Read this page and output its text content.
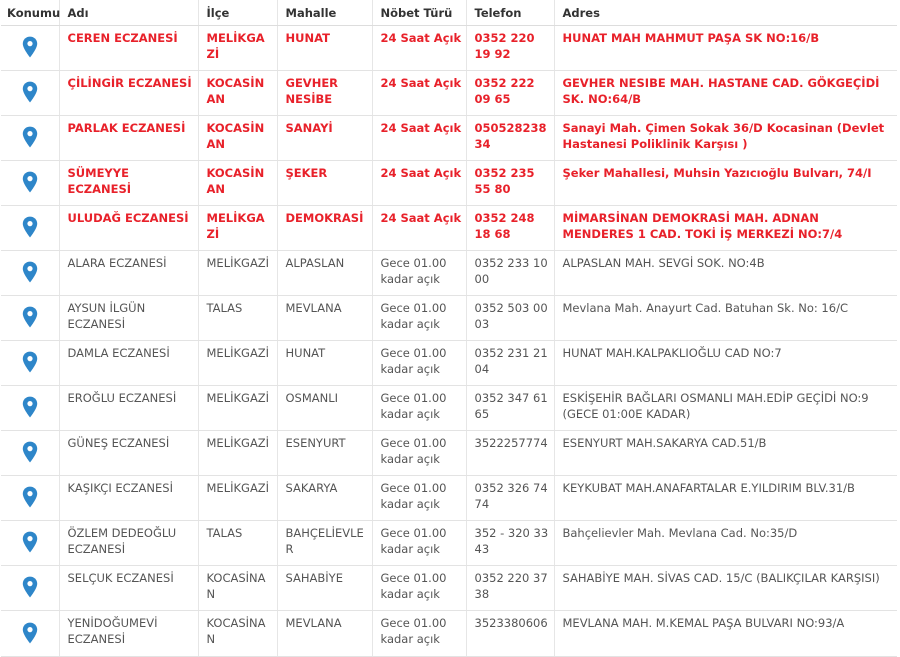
Konumu	Adı	İlçe	Mahalle	Nöbet Türü	Telefon	Adres
	CEREN ECZANESİ	MELİKGAZİ	HUNAT	24 Saat Açık	0352 220 19 92	HUNAT MAH MAHMUT PAŞA SK NO:16/B
	ÇİLİNGİR ECZANESİ	KOCASİNAN	GEVHER NESİBE	24 Saat Açık	0352 222 09 65	GEVHER NESIBE MAH. HASTANE CAD. GÖKGEÇİDİ SK. NO:64/B
	PARLAK ECZANESİ	KOCASİNAN	SANAYİ	24 Saat Açık	05052823834	Sanayi Mah. Çimen Sokak 36/D Kocasinan (Devlet Hastanesi Poliklinik Karşısı )
	SÜMEYYE ECZANESİ	KOCASİNAN	ŞEKER	24 Saat Açık	0352 235 55 80	Şeker Mahallesi, Muhsin Yazıcıoğlu Bulvarı, 74/I
	ULUDAĞ ECZANESİ	MELİKGAZİ	DEMOKRASİ	24 Saat Açık	0352 248 18 68	MİMARSİNAN DEMOKRASİ MAH. ADNAN MENDERES 1 CAD. TOKİ İŞ MERKEZİ NO:7/4
	ALARA ECZANESİ	MELİKGAZİ	ALPASLAN	Gece 01.00 kadar açık	0352 233 10 00	ALPASLAN MAH. SEVGİ SOK. NO:4B
	AYSUN İLGÜN ECZANESİ	TALAS	MEVLANA	Gece 01.00 kadar açık	0352 503 00 03	Mevlana Mah. Anayurt Cad. Batuhan Sk. No: 16/C
	DAMLA ECZANESİ	MELİKGAZİ	HUNAT	Gece 01.00 kadar açık	0352 231 21 04	HUNAT MAH.KALPAKLIOĞLU CAD NO:7
	EROĞLU ECZANESİ	MELİKGAZİ	OSMANLI	Gece 01.00 kadar açık	0352 347 61 65	ESKİŞEHİR BAĞLARI OSMANLI MAH.EDİP GEÇİDİ NO:9 (GECE 01:00E KADAR)
	GÜNEŞ ECZANESİ	MELİKGAZİ	ESENYURT	Gece 01.00 kadar açık	3522257774	ESENYURT MAH.SAKARYA CAD.51/B
	KAŞIKÇI ECZANESİ	MELİKGAZİ	SAKARYA	Gece 01.00 kadar açık	0352 326 74 74	KEYKUBAT MAH.ANAFARTALAR E.YILDIRIM BLV.31/B
	ÖZLEM DEDEOĞLU ECZANESİ	TALAS	BAHÇELİEVLER	Gece 01.00 kadar açık	352 - 320 33 43	Bahçelievler Mah. Mevlana Cad. No:35/D
	SELÇUK ECZANESİ	KOCASİNAN	SAHABİYE	Gece 01.00 kadar açık	0352 220 37 38	SAHABİYE MAH. SİVAS CAD. 15/C (BALIKÇILAR KARŞISI)
	YENİDOĞUMEVİ ECZANESİ	KOCASİNAN	MEVLANA	Gece 01.00 kadar açık	3523380606	MEVLANA MAH. M.KEMAL PAŞA BULVARI NO:93/A
